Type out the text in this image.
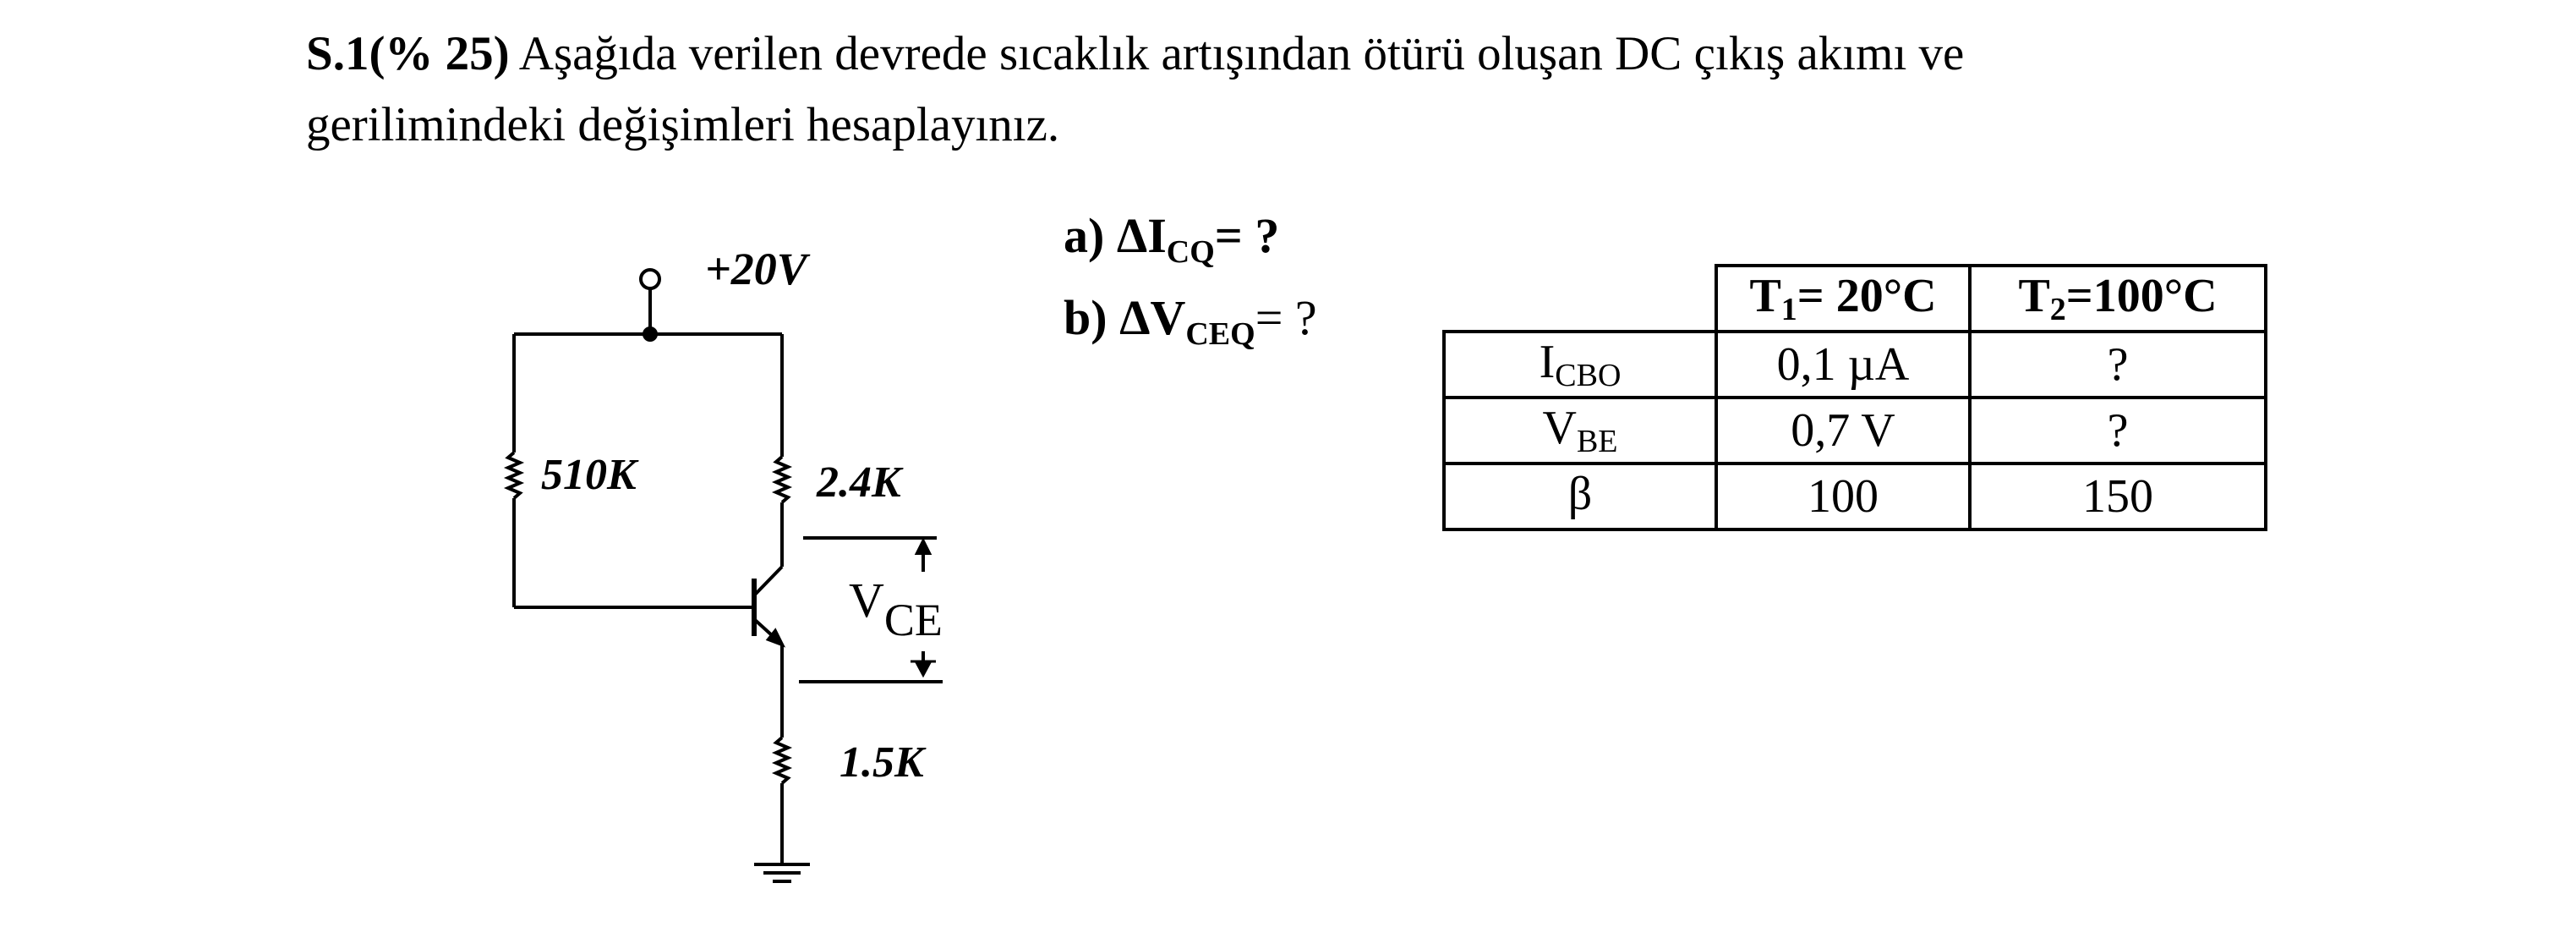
S.1(% 25) Aşağıda verilen devrede sıcaklık artışından ötürü oluşan DC çıkış akımı ve
gerilimindeki değişimleri hesaplayınız.
+20V
510K	2.4K
1.5K
$V_{CE}$
a) $\Delta I_{CQ}=$ ?
b) $\Delta V_{CEQ}=$ ?
		$T_1= 20^\circ C$	$T_2=100^\circ C$
$I_{CBO}$	0,1 µA	?
$V_{BE}$	0,7 V	?
β	100	150
